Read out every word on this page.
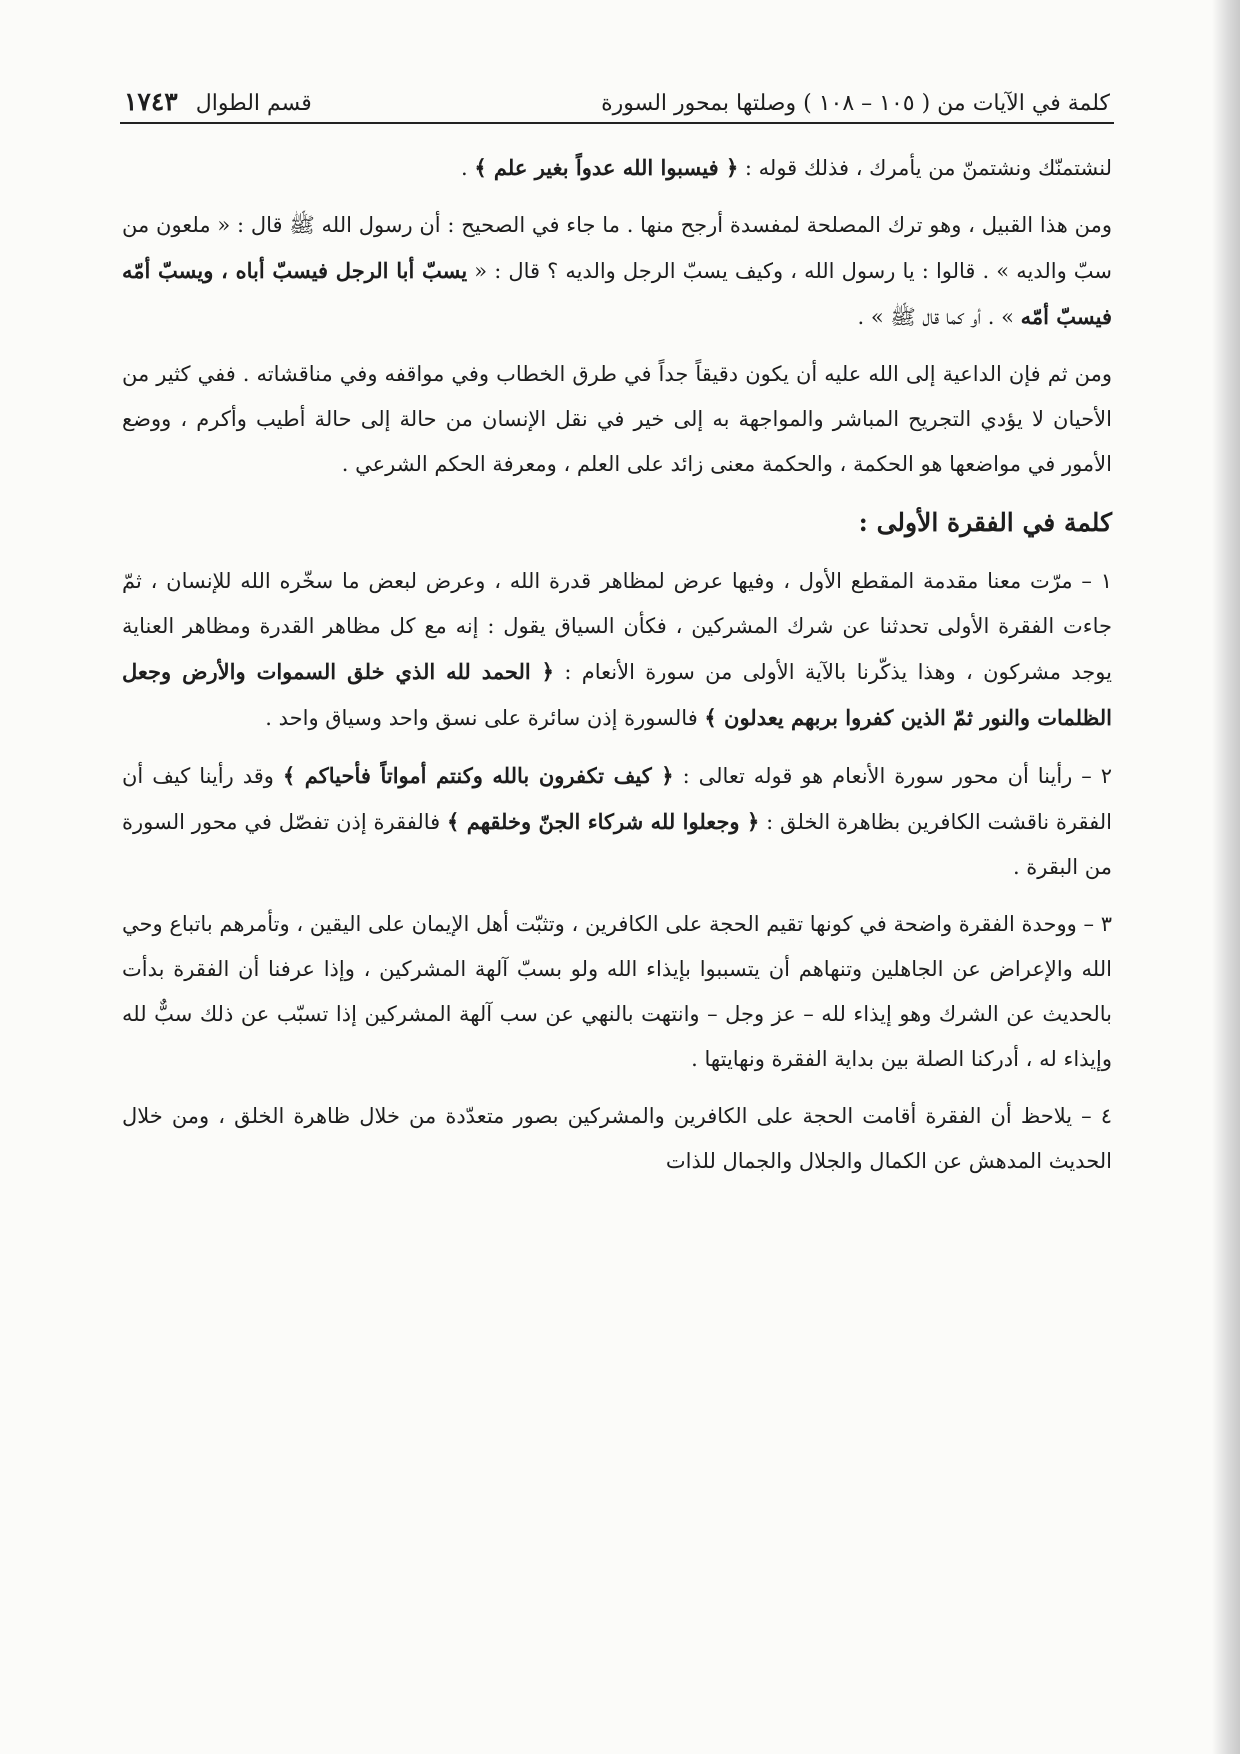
كلمة في الآيات من ( ١٠٥ – ١٠٨ ) وصلتها بمحور السورة
قسم الطوال
١٧٤٣

لنشتمنّك ونشتمنّ من يأمرك ، فذلك قوله : ﴿ فيسبوا الله عدواً بغير علم ﴾ .

ومن هذا القبيل ، وهو ترك المصلحة لمفسدة أرجح منها . ما جاء في الصحيح : أن رسول الله ﷺ قال : « ملعون من سبّ والديه » . قالوا : يا رسول الله ، وكيف يسبّ الرجل والديه ؟ قال : « يسبّ أبا الرجل فيسبّ أباه ، ويسبّ أمّه فيسبّ أمّه » . أو كما قال ﷺ » .

ومن ثم فإن الداعية إلى الله عليه أن يكون دقيقاً جداً في طرق الخطاب وفي مواقفه وفي مناقشاته . ففي كثير من الأحيان لا يؤدي التجريح المباشر والمواجهة به إلى خير في نقل الإنسان من حالة إلى حالة أطيب وأكرم ، ووضع الأمور في مواضعها هو الحكمة ، والحكمة معنى زائد على العلم ، ومعرفة الحكم الشرعي .

كلمة في الفقرة الأولى :

١ – مرّت معنا مقدمة المقطع الأول ، وفيها عرض لمظاهر قدرة الله ، وعرض لبعض ما سخّره الله للإنسان ، ثمّ جاءت الفقرة الأولى تحدثنا عن شرك المشركين ، فكأن السياق يقول : إنه مع كل مظاهر القدرة ومظاهر العناية يوجد مشركون ، وهذا يذكّرنا بالآية الأولى من سورة الأنعام : ﴿ الحمد لله الذي خلق السموات والأرض وجعل الظلمات والنور ثمّ الذين كفروا بربهم يعدلون ﴾ فالسورة إذن سائرة على نسق واحد وسياق واحد .

٢ – رأينا أن محور سورة الأنعام هو قوله تعالى : ﴿ كيف تكفرون بالله وكنتم أمواتاً فأحياكم ﴾ وقد رأينا كيف أن الفقرة ناقشت الكافرين بظاهرة الخلق : ﴿ وجعلوا لله شركاء الجنّ وخلقهم ﴾ فالفقرة إذن تفصّل في محور السورة من البقرة .

٣ – ووحدة الفقرة واضحة في كونها تقيم الحجة على الكافرين ، وتثبّت أهل الإيمان على اليقين ، وتأمرهم باتباع وحي الله والإعراض عن الجاهلين وتنهاهم أن يتسببوا بإيذاء الله ولو بسبّ آلهة المشركين ، وإذا عرفنا أن الفقرة بدأت بالحديث عن الشرك وهو إيذاء لله – عز وجل – وانتهت بالنهي عن سب آلهة المشركين إذا تسبّب عن ذلك سبٌّ لله وإيذاء له ، أدركنا الصلة بين بداية الفقرة ونهايتها .

٤ – يلاحظ أن الفقرة أقامت الحجة على الكافرين والمشركين بصور متعدّدة من خلال ظاهرة الخلق ، ومن خلال الحديث المدهش عن الكمال والجلال والجمال للذات
